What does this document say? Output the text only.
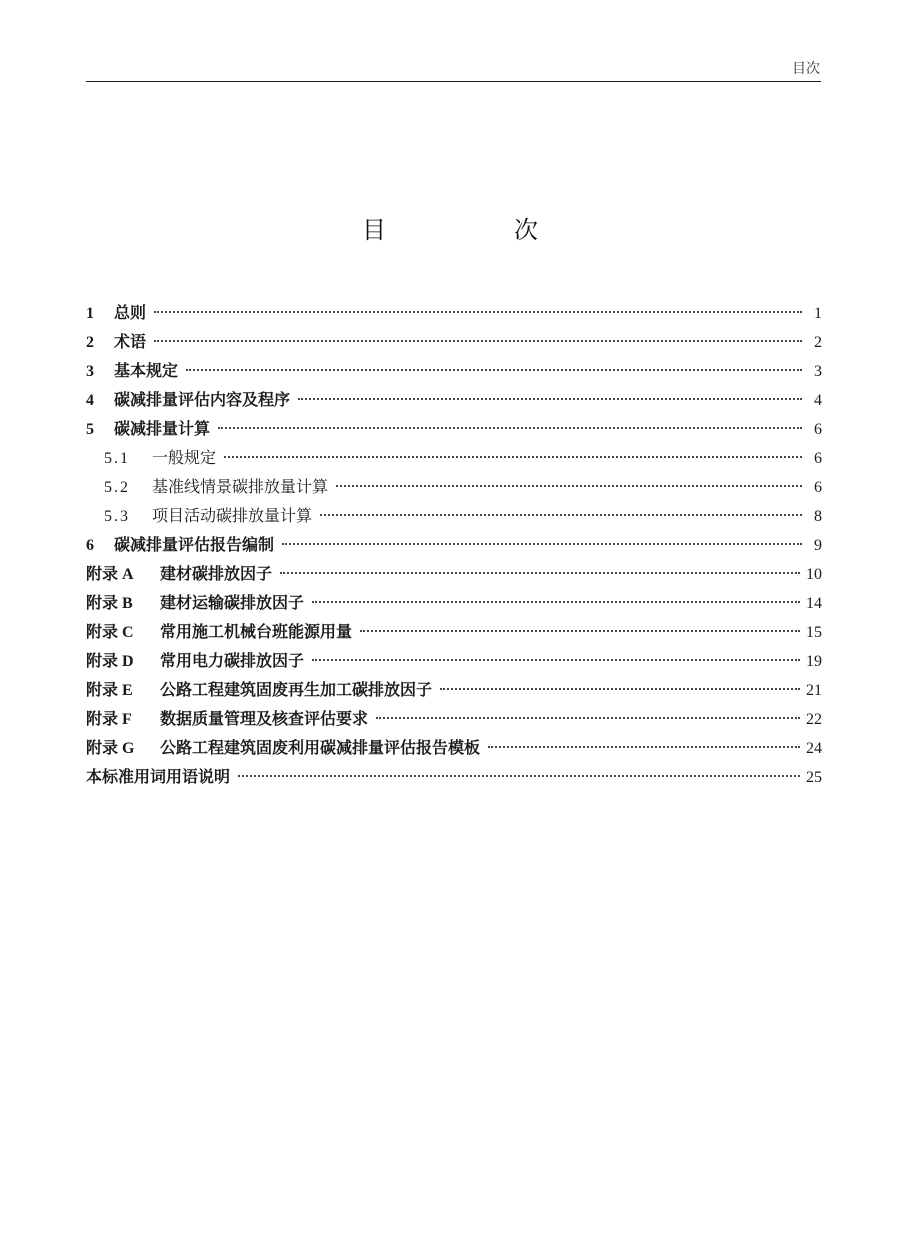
目次
目　次
1	总则	1
2	术语	2
3	基本规定	3
4	碳减排量评估内容及程序	4
5	碳减排量计算	6
5.1	一般规定	6
5.2	基准线情景碳排放量计算	6
5.3	项目活动碳排放量计算	8
6	碳减排量评估报告编制	9
附录 A	建材碳排放因子	10
附录 B	建材运输碳排放因子	14
附录 C	常用施工机械台班能源用量	15
附录 D	常用电力碳排放因子	19
附录 E	公路工程建筑固废再生加工碳排放因子	21
附录 F	数据质量管理及核查评估要求	22
附录 G	公路工程建筑固废利用碳减排量评估报告模板	24
本标准用词用语说明	25
